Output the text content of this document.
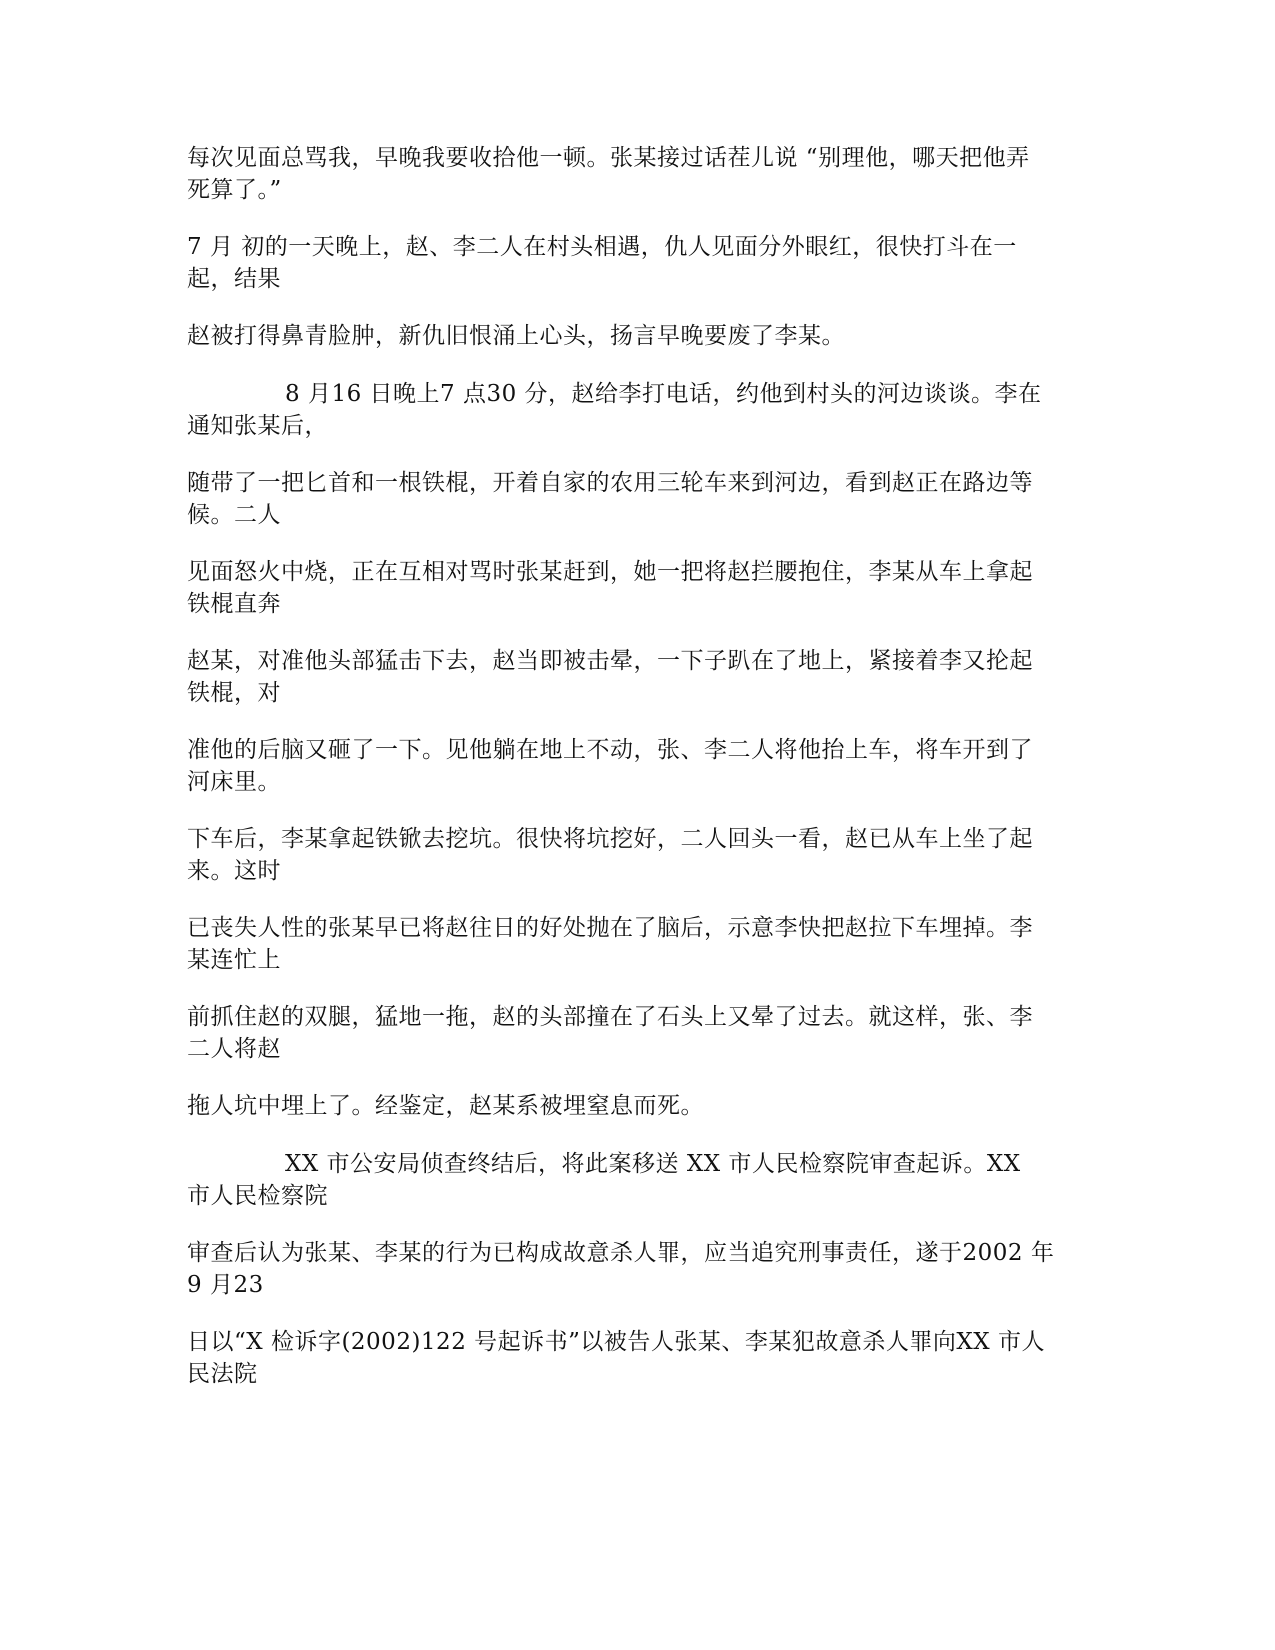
每次见面总骂我，早晚我要收拾他一顿。张某接过话茬儿说 “别理他，哪天把他弄
死算了。”
7 月 初的一天晚上，赵、李二人在村头相遇，仇人见面分外眼红，很快打斗在一
起，结果
赵被打得鼻青脸肿，新仇旧恨涌上心头，扬言早晚要废了李某。
8 月16 日晚上7 点30 分，赵给李打电话，约他到村头的河边谈谈。李在
通知张某后，
随带了一把匕首和一根铁棍，开着自家的农用三轮车来到河边，看到赵正在路边等
候。二人
见面怒火中烧，正在互相对骂时张某赶到，她一把将赵拦腰抱住，李某从车上拿起
铁棍直奔
赵某，对准他头部猛击下去，赵当即被击晕，一下子趴在了地上，紧接着李又抡起
铁棍，对
准他的后脑又砸了一下。见他躺在地上不动，张、李二人将他抬上车，将车开到了
河床里。
下车后，李某拿起铁锨去挖坑。很快将坑挖好，二人回头一看，赵已从车上坐了起
来。这时
已丧失人性的张某早已将赵往日的好处抛在了脑后，示意李快把赵拉下车埋掉。李
某连忙上
前抓住赵的双腿，猛地一拖，赵的头部撞在了石头上又晕了过去。就这样，张、李
二人将赵
拖人坑中埋上了。经鉴定，赵某系被埋窒息而死。
XX 市公安局侦查终结后，将此案移送 XX 市人民检察院审查起诉。XX
市人民检察院
审查后认为张某、李某的行为已构成故意杀人罪，应当追究刑事责任，遂于2002 年
9 月23
日以“X 检诉字(2002)122 号起诉书”以被告人张某、李某犯故意杀人罪向XX 市人
民法院
